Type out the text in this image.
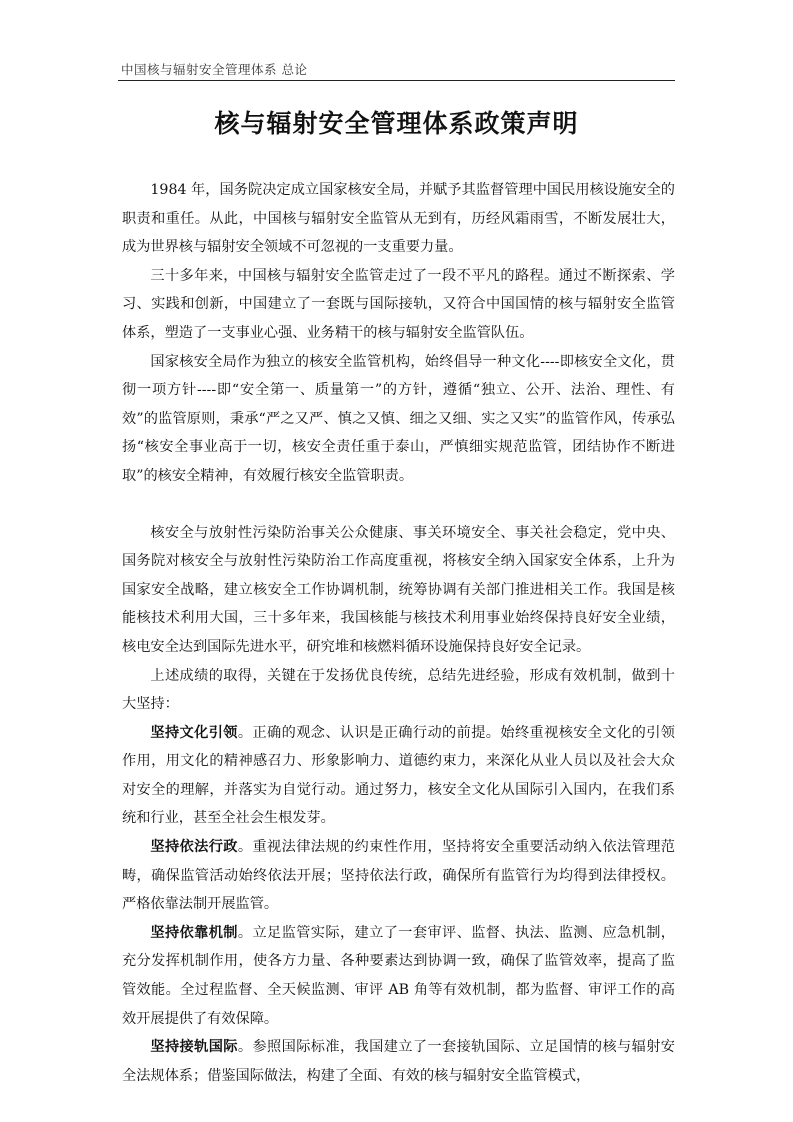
中国核与辐射安全管理体系 总论
核与辐射安全管理体系政策声明

1984 年，国务院决定成立国家核安全局，并赋予其监督管理中国民用核设施安全的职责和重任。从此，中国核与辐射安全监管从无到有，历经风霜雨雪，不断发展壮大，成为世界核与辐射安全领域不可忽视的一支重要力量。

三十多年来，中国核与辐射安全监管走过了一段不平凡的路程。通过不断探索、学习、实践和创新，中国建立了一套既与国际接轨，又符合中国国情的核与辐射安全监管体系，塑造了一支事业心强、业务精干的核与辐射安全监管队伍。

国家核安全局作为独立的核安全监管机构，始终倡导一种文化----即核安全文化，贯彻一项方针----即“安全第一、质量第一”的方针，遵循“独立、公开、法治、理性、有效”的监管原则，秉承“严之又严、慎之又慎、细之又细、实之又实”的监管作风，传承弘扬“核安全事业高于一切，核安全责任重于泰山，严慎细实规范监管，团结协作不断进取”的核安全精神，有效履行核安全监管职责。

核安全与放射性污染防治事关公众健康、事关环境安全、事关社会稳定，党中央、国务院对核安全与放射性污染防治工作高度重视，将核安全纳入国家安全体系，上升为国家安全战略，建立核安全工作协调机制，统筹协调有关部门推进相关工作。我国是核能核技术利用大国，三十多年来，我国核能与核技术利用事业始终保持良好安全业绩，核电安全达到国际先进水平，研究堆和核燃料循环设施保持良好安全记录。

上述成绩的取得，关键在于发扬优良传统，总结先进经验，形成有效机制，做到十大坚持：

坚持文化引领。正确的观念、认识是正确行动的前提。始终重视核安全文化的引领作用，用文化的精神感召力、形象影响力、道德约束力，来深化从业人员以及社会大众对安全的理解，并落实为自觉行动。通过努力，核安全文化从国际引入国内，在我们系统和行业，甚至全社会生根发芽。

坚持依法行政。重视法律法规的约束性作用，坚持将安全重要活动纳入依法管理范畴，确保监管活动始终依法开展；坚持依法行政，确保所有监管行为均得到法律授权。严格依靠法制开展监管。

坚持依靠机制。立足监管实际，建立了一套审评、监督、执法、监测、应急机制，充分发挥机制作用，使各方力量、各种要素达到协调一致，确保了监管效率，提高了监管效能。全过程监督、全天候监测、审评 AB 角等有效机制，都为监督、审评工作的高效开展提供了有效保障。

坚持接轨国际。参照国际标准，我国建立了一套接轨国际、立足国情的核与辐射安全法规体系；借鉴国际做法，构建了全面、有效的核与辐射安全监管模式，
